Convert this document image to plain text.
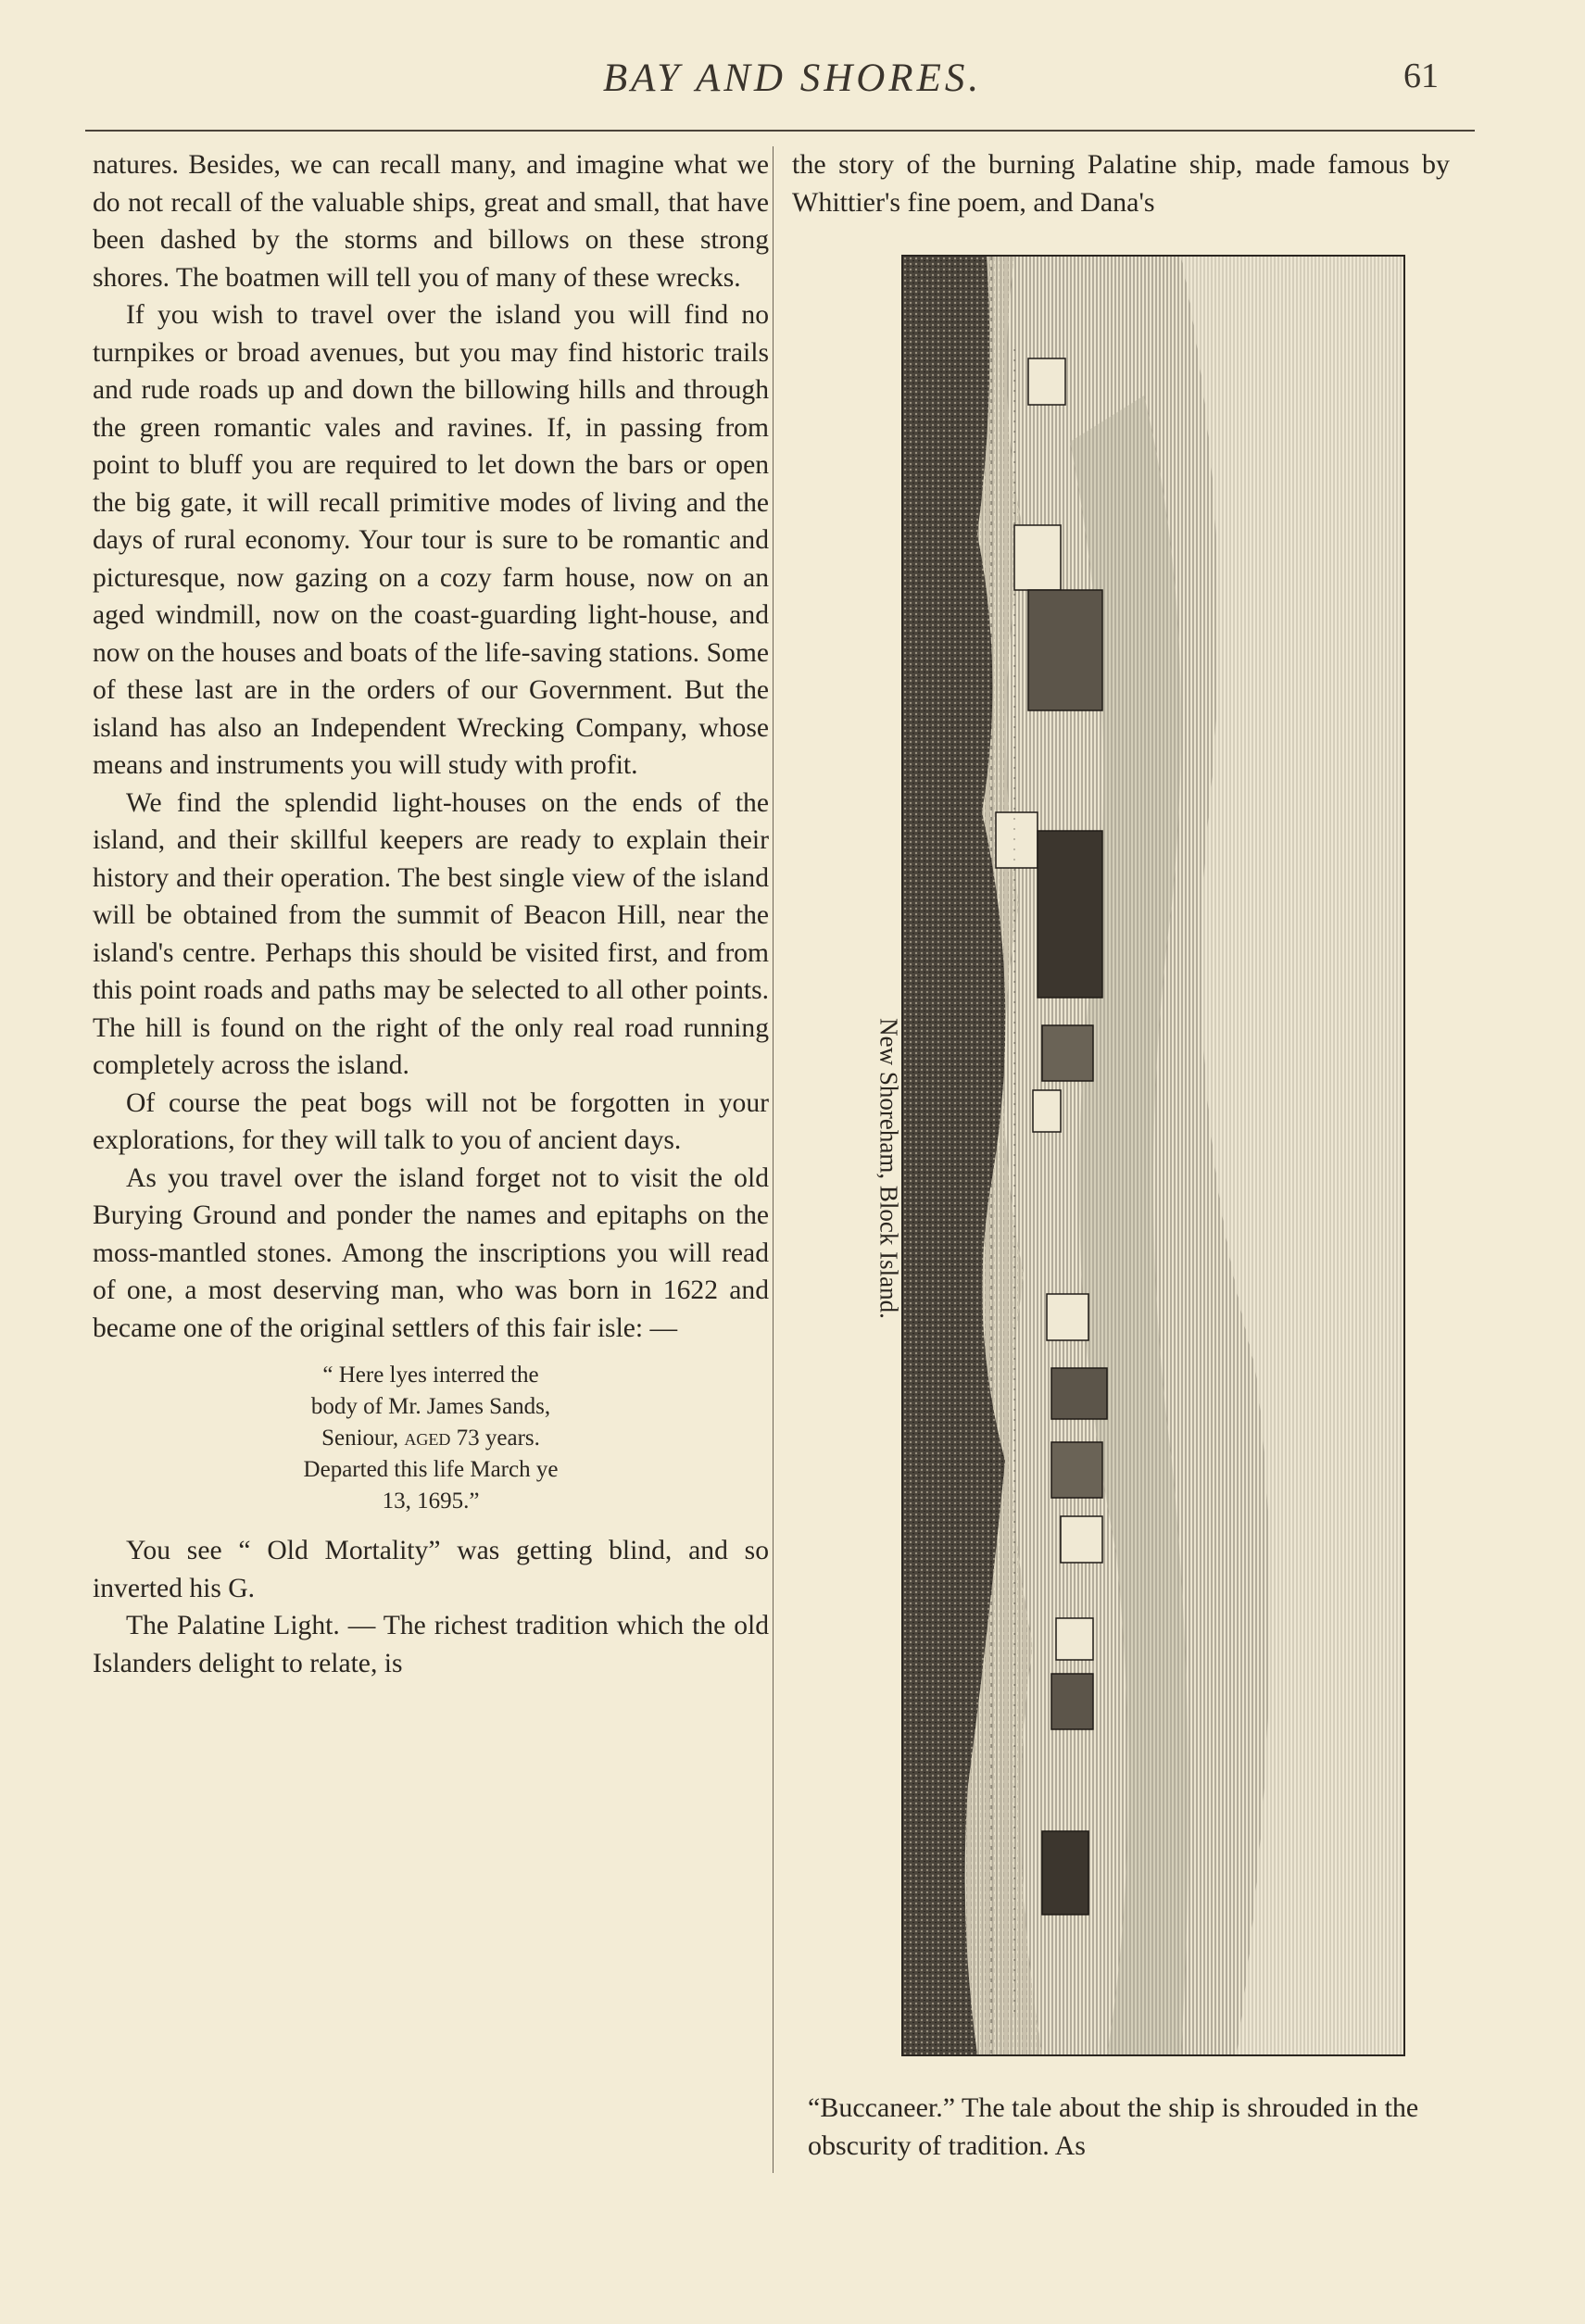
BAY AND SHORES.	61

natures. Besides, we can recall many, and imagine what we do not recall of the valuable ships, great and small, that have been dashed by the storms and billows on these strong shores. The boatmen will tell you of many of these wrecks.

If you wish to travel over the island you will find no turnpikes or broad avenues, but you may find historic trails and rude roads up and down the billowing hills and through the green romantic vales and ravines. If, in passing from point to bluff you are required to let down the bars or open the big gate, it will recall primitive modes of living and the days of rural economy. Your tour is sure to be romantic and picturesque, now gazing on a cozy farm house, now on an aged windmill, now on the coast-guarding light-house, and now on the houses and boats of the life-saving stations. Some of these last are in the orders of our Government. But the island has also an Independent Wrecking Company, whose means and instruments you will study with profit.

We find the splendid light-houses on the ends of the island, and their skillful keepers are ready to explain their history and their operation. The best single view of the island will be obtained from the summit of Beacon Hill, near the island's centre. Perhaps this should be visited first, and from this point roads and paths may be selected to all other points. The hill is found on the right of the only real road running completely across the island.

Of course the peat bogs will not be forgotten in your explorations, for they will talk to you of ancient days.

As you travel over the island forget not to visit the old Burying Ground and ponder the names and epitaphs on the moss-mantled stones. Among the inscriptions you will read of one, a most deserving man, who was born in 1622 and became one of the original settlers of this fair isle: —

“ Here lyes interred the
body of Mr. James Sands,
Seniour, aged 73 years.
Departed this life March ye
13, 1695.”

You see “ Old Mortality” was getting blind, and so inverted his G.

The Palatine Light. — The richest tradition which the old Islanders delight to relate, is

the story of the burning Palatine ship, made famous by Whittier's fine poem, and Dana's

New Shoreham, Block Island.

“Buccaneer.” The tale about the ship is shrouded in the obscurity of tradition. As
